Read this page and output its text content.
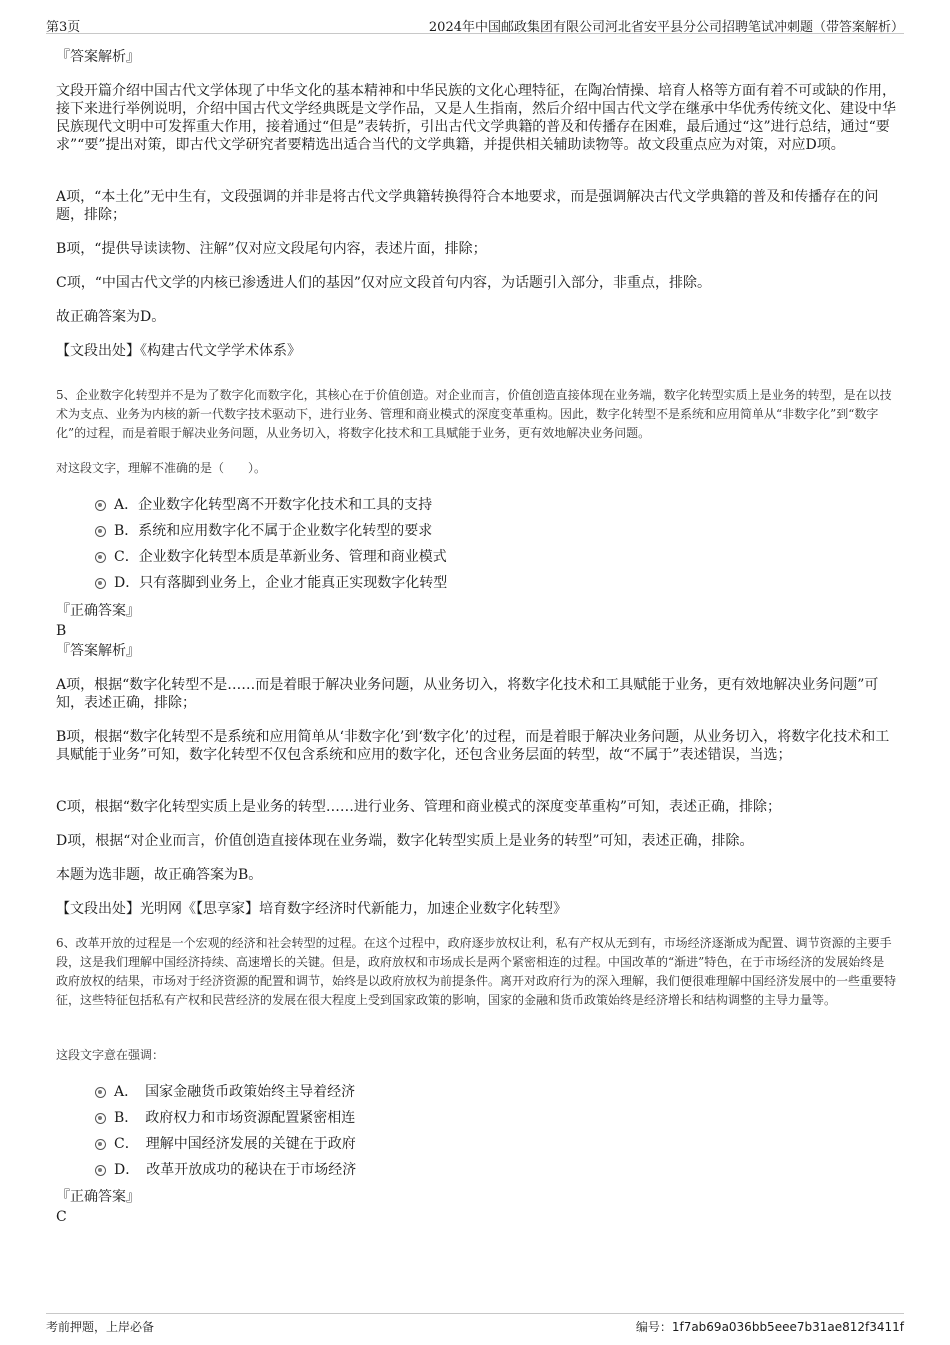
第3页	2024年中国邮政集团有限公司河北省安平县分公司招聘笔试冲刺题（带答案解析）
『答案解析』
文段开篇介绍中国古代文学体现了中华文化的基本精神和中华民族的文化心理特征，在陶冶情操、培育人格等方面有着不可或缺的作用，接下来进行举例说明，介绍中国古代文学经典既是文学作品，又是人生指南，然后介绍中国古代文学在继承中华优秀传统文化、建设中华民族现代文明中可发挥重大作用，接着通过“但是”表转折，引出古代文学典籍的普及和传播存在困难，最后通过“这”进行总结，通过“要求”“要”提出对策，即古代文学研究者要精选出适合当代的文学典籍，并提供相关辅助读物等。故文段重点应为对策，对应D项。
A项，“本土化”无中生有，文段强调的并非是将古代文学典籍转换得符合本地要求，而是强调解决古代文学典籍的普及和传播存在的问题，排除；
B项，“提供导读读物、注解”仅对应文段尾句内容，表述片面，排除；
C项，“中国古代文学的内核已渗透进人们的基因”仅对应文段首句内容，为话题引入部分，非重点，排除。
故正确答案为D。
【文段出处】《构建古代文学学术体系》
5、企业数字化转型并不是为了数字化而数字化，其核心在于价值创造。对企业而言，价值创造直接体现在业务端，数字化转型实质上是业务的转型，是在以技术为支点、业务为内核的新一代数字技术驱动下，进行业务、管理和商业模式的深度变革重构。因此，数字化转型不是系统和应用简单从“非数字化”到“数字化”的过程，而是着眼于解决业务问题，从业务切入，将数字化技术和工具赋能于业务，更有效地解决业务问题。
对这段文字，理解不准确的是（　　）。
A．企业数字化转型离不开数字化技术和工具的支持
B．系统和应用数字化不属于企业数字化转型的要求
C．企业数字化转型本质是革新业务、管理和商业模式
D．只有落脚到业务上，企业才能真正实现数字化转型
『正确答案』
B
『答案解析』
A项，根据“数字化转型不是……而是着眼于解决业务问题，从业务切入，将数字化技术和工具赋能于业务，更有效地解决业务问题”可知，表述正确，排除；
B项，根据“数字化转型不是系统和应用简单从‘非数字化’到‘数字化’的过程，而是着眼于解决业务问题，从业务切入，将数字化技术和工具赋能于业务”可知，数字化转型不仅包含系统和应用的数字化，还包含业务层面的转型，故“不属于”表述错误，当选；
C项，根据“数字化转型实质上是业务的转型……进行业务、管理和商业模式的深度变革重构”可知，表述正确，排除；
D项，根据“对企业而言，价值创造直接体现在业务端，数字化转型实质上是业务的转型”可知，表述正确，排除。
本题为选非题，故正确答案为B。
【文段出处】光明网《【思享家】培育数字经济时代新能力，加速企业数字化转型》
6、改革开放的过程是一个宏观的经济和社会转型的过程。在这个过程中，政府逐步放权让利，私有产权从无到有，市场经济逐渐成为配置、调节资源的主要手段，这是我们理解中国经济持续、高速增长的关键。但是，政府放权和市场成长是两个紧密相连的过程。中国改革的“渐进”特色，在于市场经济的发展始终是政府放权的结果，市场对于经济资源的配置和调节，始终是以政府放权为前提条件。离开对政府行为的深入理解，我们便很难理解中国经济发展中的一些重要特征，这些特征包括私有产权和民营经济的发展在很大程度上受到国家政策的影响，国家的金融和货币政策始终是经济增长和结构调整的主导力量等。
这段文字意在强调：
A．　国家金融货币政策始终主导着经济
B．　政府权力和市场资源配置紧密相连
C．　理解中国经济发展的关键在于政府
D．　改革开放成功的秘诀在于市场经济
『正确答案』
C
考前押题，上岸必备	编号：1f7ab69a036bb5eee7b31ae812f3411f
